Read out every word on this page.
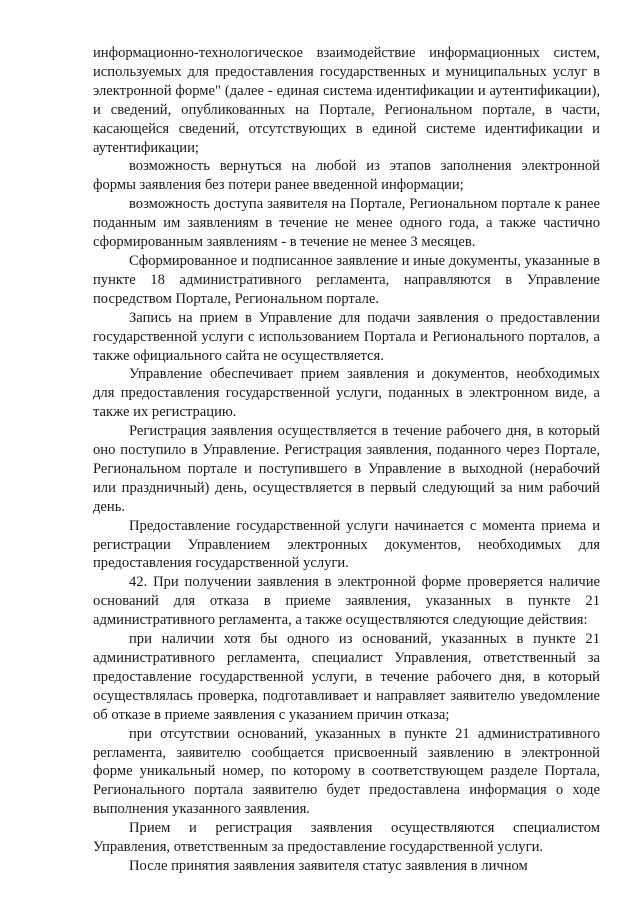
информационно-технологическое взаимодействие информационных систем, используемых для предоставления государственных и муниципальных услуг в электронной форме" (далее - единая система идентификации и аутентификации), и сведений, опубликованных на Портале, Региональном портале, в части, касающейся сведений, отсутствующих в единой системе идентификации и аутентификации;

возможность вернуться на любой из этапов заполнения электронной формы заявления без потери ранее введенной информации;

возможность доступа заявителя на Портале, Региональном портале к ранее поданным им заявлениям в течение не менее одного года, а также частично сформированным заявлениям - в течение не менее 3 месяцев.

Сформированное и подписанное заявление и иные документы, указанные в пункте 18 административного регламента, направляются в Управление посредством Портале, Региональном портале.

Запись на прием в Управление для подачи заявления о предоставлении государственной услуги с использованием Портала и Регионального порталов, а также официального сайта не осуществляется.

Управление обеспечивает прием заявления и документов, необходимых для предоставления государственной услуги, поданных в электронном виде, а также их регистрацию.

Регистрация заявления осуществляется в течение рабочего дня, в который оно поступило в Управление. Регистрация заявления, поданного через Портале, Региональном портале и поступившего в Управление в выходной (нерабочий или праздничный) день, осуществляется в первый следующий за ним рабочий день.

Предоставление государственной услуги начинается с момента приема и регистрации Управлением электронных документов, необходимых для предоставления государственной услуги.

42. При получении заявления в электронной форме проверяется наличие оснований для отказа в приеме заявления, указанных в пункте 21 административного регламента, а также осуществляются следующие действия:

при наличии хотя бы одного из оснований, указанных в пункте 21 административного регламента, специалист Управления, ответственный за предоставление государственной услуги, в течение рабочего дня, в который осуществлялась проверка, подготавливает и направляет заявителю уведомление об отказе в приеме заявления с указанием причин отказа;

при отсутствии оснований, указанных в пункте 21 административного регламента, заявителю сообщается присвоенный заявлению в электронной форме уникальный номер, по которому в соответствующем разделе Портала, Регионального портала заявителю будет предоставлена информация о ходе выполнения указанного заявления.

Прием и регистрация заявления осуществляются специалистом Управления, ответственным за предоставление государственной услуги.

После принятия заявления заявителя статус заявления в личном
